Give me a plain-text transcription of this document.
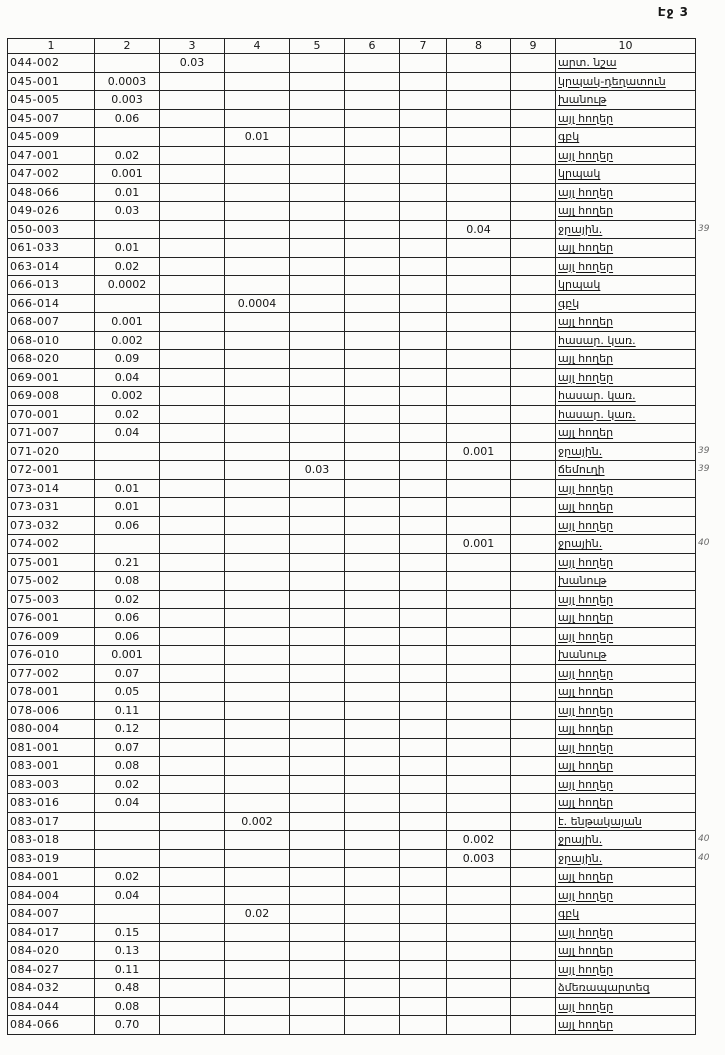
Էջ 3
1	2	3	4	5	6	7	8	9	10	
044-002		0.03							արտ. նշա	
045-001	0.0003								կրպակ-դեղատուն	
045-005	0.003								խանութ	
045-007	0.06								այլ հողեր	
045-009			0.01						գբկ	
047-001	0.02								այլ հողեր	
047-002	0.001								կրպակ	
048-066	0.01								այլ հողեր	
049-026	0.03								այլ հողեր	
050-003							0.04		ջրային.	39
061-033	0.01								այլ հողեր	
063-014	0.02								այլ հողեր	
066-013	0.0002								կրպակ	
066-014			0.0004						գբկ	
068-007	0.001								այլ հողեր	
068-010	0.002								հասար. կառ.	
068-020	0.09								այլ հողեր	
069-001	0.04								այլ հողեր	
069-008	0.002								հասար. կառ.	
070-001	0.02								հասար. կառ.	
071-007	0.04								այլ հողեր	
071-020							0.001		ջրային.	39
072-001				0.03					ճեմուղի	39
073-014	0.01								այլ հողեր	
073-031	0.01								այլ հողեր	
073-032	0.06								այլ հողեր	
074-002							0.001		ջրային.	40
075-001	0.21								այլ հողեր	
075-002	0.08								խանութ	
075-003	0.02								այլ հողեր	
076-001	0.06								այլ հողեր	
076-009	0.06								այլ հողեր	
076-010	0.001								խանութ	
077-002	0.07								այլ հողեր	
078-001	0.05								այլ հողեր	
078-006	0.11								այլ հողեր	
080-004	0.12								այլ հողեր	
081-001	0.07								այլ հողեր	
083-001	0.08								այլ հողեր	
083-003	0.02								այլ հողեր	
083-016	0.04								այլ հողեր	
083-017			0.002						է. ենթակայան	
083-018							0.002		ջրային.	40
083-019							0.003		ջրային.	40
084-001	0.02								այլ հողեր	
084-004	0.04								այլ հողեր	
084-007			0.02						գբկ	
084-017	0.15								այլ հողեր	
084-020	0.13								այլ հողեր	
084-027	0.11								այլ հողեր	
084-032	0.48								ձմեռապարտեզ	
084-044	0.08								այլ հողեր	
084-066	0.70								այլ հողեր	
